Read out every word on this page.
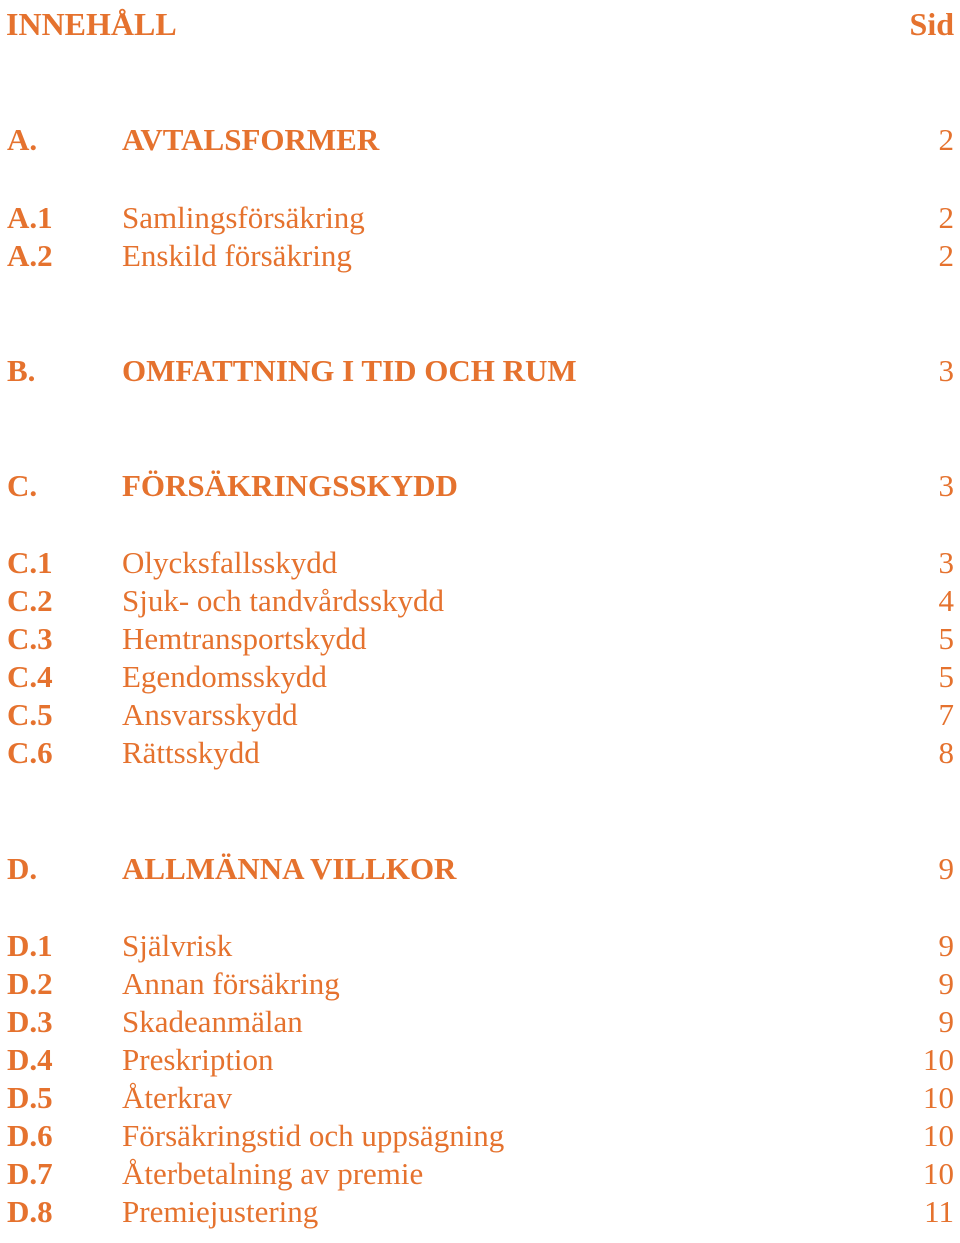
INNEHÅLL	Sid
A.	AVTALSFORMER	2
A.1	Samlingsförsäkring	2
A.2	Enskild försäkring	2
B.	OMFATTNING I TID OCH RUM	3
C.	FÖRSÄKRINGSSKYDD	3
C.1	Olycksfallsskydd	3
C.2	Sjuk- och tandvårdsskydd	4
C.3	Hemtransportskydd	5
C.4	Egendomsskydd	5
C.5	Ansvarsskydd	7
C.6	Rättsskydd	8
D.	ALLMÄNNA VILLKOR	9
D.1	Självrisk	9
D.2	Annan försäkring	9
D.3	Skadeanmälan	9
D.4	Preskription	10
D.5	Återkrav	10
D.6	Försäkringstid och uppsägning	10
D.7	Återbetalning av premie	10
D.8	Premiejustering	11
